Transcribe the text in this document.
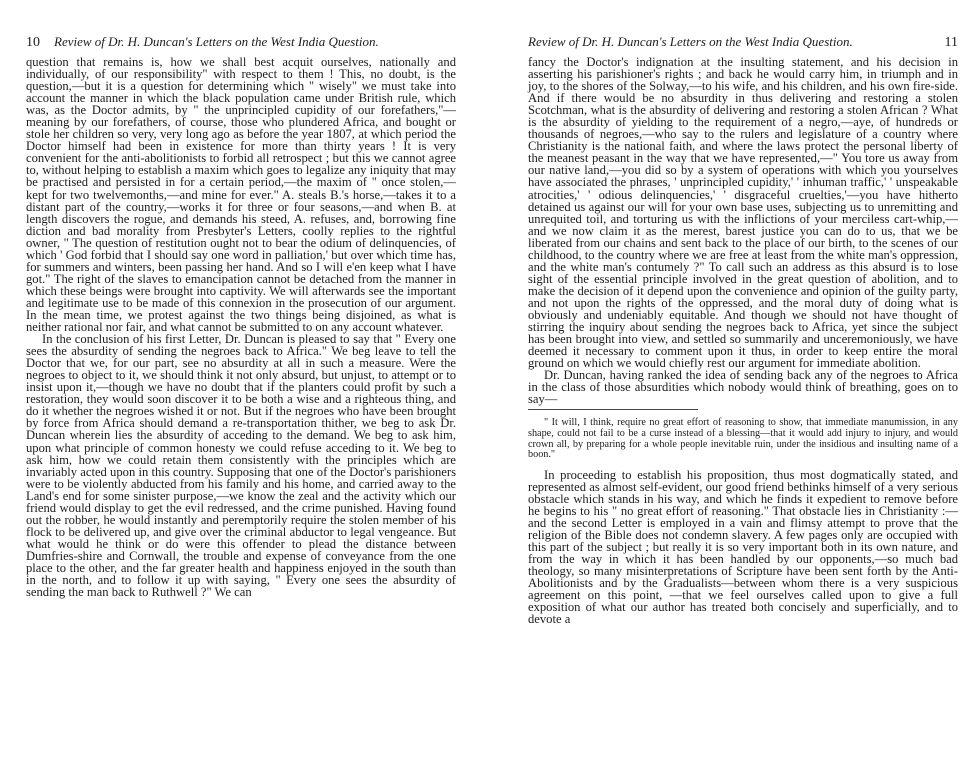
10 Review of Dr. H. Duncan's Letters on the West India Question.

question that remains is, how we shall best acquit ourselves, nationally and individually, of our responsibility" with respect to them ! This, no doubt, is the question,—but it is a question for determining which " wisely" we must take into account the manner in which the black population came under British rule, which was, as the Doctor admits, by " the unprincipled cupidity of our forefathers,"—meaning by our forefathers, of course, those who plundered Africa, and bought or stole her children so very, very long ago as before the year 1807, at which period the Doctor himself had been in existence for more than thirty years ! It is very convenient for the anti-abolitionists to forbid all retrospect ; but this we cannot agree to, without helping to establish a maxim which goes to legalize any iniquity that may be practised and persisted in for a certain period,—the maxim of " once stolen,—kept for two twelvemonths,—and mine for ever." A. steals B.'s horse,—takes it to a distant part of the country,—works it for three or four seasons,—and when B. at length discovers the rogue, and demands his steed, A. refuses, and, borrowing fine diction and bad morality from Presbyter's Letters, coolly replies to the rightful owner, " The question of restitution ought not to bear the odium of delinquencies, of which ' God forbid that I should say one word in palliation,' but over which time has, for summers and winters, been passing her hand. And so I will e'en keep what I have got." The right of the slaves to emancipation cannot be detached from the manner in which these beings were brought into captivity. We will afterwards see the important and legitimate use to be made of this connexion in the prosecution of our argument. In the mean time, we protest against the two things being disjoined, as what is neither rational nor fair, and what cannot be submitted to on any account whatever.

In the conclusion of his first Letter, Dr. Duncan is pleased to say that " Every one sees the absurdity of sending the negroes back to Africa." We beg leave to tell the Doctor that we, for our part, see no absurdity at all in such a measure. Were the negroes to object to it, we should think it not only absurd, but unjust, to attempt or to insist upon it,—though we have no doubt that if the planters could profit by such a restoration, they would soon discover it to be both a wise and a righteous thing, and do it whether the negroes wished it or not. But if the negroes who have been brought by force from Africa should demand a re-transportation thither, we beg to ask Dr. Duncan wherein lies the absurdity of acceding to the demand. We beg to ask him, upon what principle of common honesty we could refuse acceding to it. We beg to ask him, how we could retain them consistently with the principles which are invariably acted upon in this country. Supposing that one of the Doctor's parishioners were to be violently abducted from his family and his home, and carried away to the Land's end for some sinister purpose,—we know the zeal and the activity which our friend would display to get the evil redressed, and the crime punished. Having found out the robber, he would instantly and peremptorily require the stolen member of his flock to be delivered up, and give over the criminal abductor to legal vengeance. But what would he think or do were this offender to plead the distance between Dumfries-shire and Cornwall, the trouble and expense of conveyance from the one place to the other, and the far greater health and happiness enjoyed in the south than in the north, and to follow it up with saying, " Every one sees the absurdity of sending the man back to Ruthwell ?" We can

Review of Dr. H. Duncan's Letters on the West India Question.	11

fancy the Doctor's indignation at the insulting statement, and his decision in asserting his parishioner's rights ; and back he would carry him, in triumph and in joy, to the shores of the Solway,—to his wife, and his children, and his own fire-side. And if there would be no absurdity in thus delivering and restoring a stolen Scotchman, what is the absurdity of delivering and restoring a stolen African ? What is the absurdity of yielding to the requirement of a negro,—aye, of hundreds or thousands of negroes,—who say to the rulers and legislature of a country where Christianity is the national faith, and where the laws protect the personal liberty of the meanest peasant in the way that we have represented,—" You tore us away from our native land,—you did so by a system of operations with which you yourselves have associated the phrases, ' unprincipled cupidity,' ' inhuman traffic,' ' unspeakable atrocities,' ' odious delinquencies,' ' disgraceful cruelties,'—you have hitherto detained us against our will for your own base uses, subjecting us to unremitting and unrequited toil, and torturing us with the inflictions of your merciless cart-whip,—and we now claim it as the merest, barest justice you can do to us, that we be liberated from our chains and sent back to the place of our birth, to the scenes of our childhood, to the country where we are free at least from the white man's oppression, and the white man's contumely ?" To call such an address as this absurd is to lose sight of the essential principle involved in the great question of abolition, and to make the decision of it depend upon the convenience and opinion of the guilty party, and not upon the rights of the oppressed, and the moral duty of doing what is obviously and undeniably equitable. And though we should not have thought of stirring the inquiry about sending the negroes back to Africa, yet since the subject has been brought into view, and settled so summarily and unceremoniously, we have deemed it necessary to comment upon it thus, in order to keep entire the moral ground on which we would chiefly rest our argument for immediate abolition.

Dr. Duncan, having ranked the idea of sending back any of the negroes to Africa in the class of those absurdities which nobody would think of breathing, goes on to say—

" It will, I think, require no great effort of reasoning to show, that immediate manumission, in any shape, could not fail to be a curse instead of a blessing—that it would add injury to injury, and would crown all, by preparing for a whole people inevitable ruin, under the insidious and insulting name of a boon."

In proceeding to establish his proposition, thus most dogmatically stated, and represented as almost self-evident, our good friend bethinks himself of a very serious obstacle which stands in his way, and which he finds it expedient to remove before he begins to his " no great effort of reasoning." That obstacle lies in Christianity :—and the second Letter is employed in a vain and flimsy attempt to prove that the religion of the Bible does not condemn slavery. A few pages only are occupied with this part of the subject ; but really it is so very important both in its own nature, and from the way in which it has been handled by our opponents,—so much bad theology, so many misinterpretations of Scripture have been sent forth by the Anti-Abolitionists and by the Gradualists—between whom there is a very suspicious agreement on this point, —that we feel ourselves called upon to give a full exposition of what our author has treated both concisely and superficially, and to devote a
